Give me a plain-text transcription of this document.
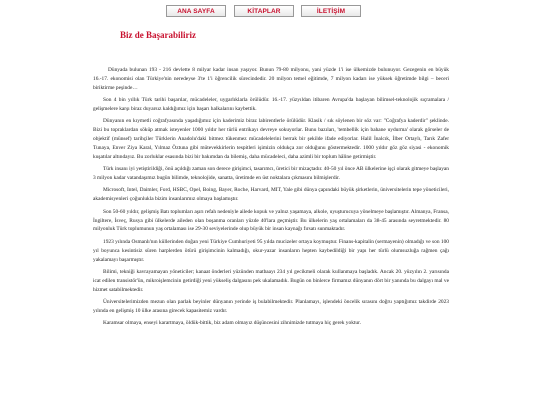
ANA SAYFA	KİTAPLAR	İLETİŞİM
Biz de Başarabiliriz

Dünyada bulunan 193 - 216 devlette 8 milyar kadar insan yaşıyor. Bunun 79-80 milyonu, yani yüzde 1'i ise ülkemizde bulunuyor. Gezegenin en büyük 16.-17. ekonomisi olan Türkiye'nin neredeyse 3'te 1'i öğrencilik sürecindedir. 20 milyon temel eğitimde, 7 milyon kadarı ise yüksek öğretimde bilgi – beceri biriktirme peşinde…

Son 4 bin yıllık Türk tarihi başarılar, mücadeleler, uygarlıklarla örülüdür. 16.-17. yüzyıldan itibaren Avrupa'da başlayan bilimsel-teknolojik sıçramalara / gelişmelere karşı biraz duyarsız kaldığımız için başarı halkalarını kaybettik.

Dünyanın en kıymetli coğrafyasında yaşadığımız için kaderimiz biraz labirentlerle örülüdür. Klasik / sık söylenen bir söz var: "Coğrafya kaderdir" şeklinde. Bizi bu topraklardan söküp atmak isteyenler 1000 yıldır her türlü entrikayı devreye sokuyorlar. Bunu bazıları, 'tembellik için bahane uydurma' olarak görseler de objektif (münsef) tarihçiler Türklerin Anadolu'daki bitmez tükenmez mücadelelerini berrak bir şekilde ifade ediyorlar. Halil İnalcık, İlber Ortaylı, Tarık Zafer Tunaya, Enver Ziya Karal, Yılmaz Öztuna gibi mütevekkirlerin tespitleri işimizin oldukça zor olduğunu göstermektedir. 1000 yıldır göz göz siyasi - ekonomik kuşatılar altındayız. Bu zorluklar esasında bizi bir bakımdan da bilemiş, daha mücadeleci, daha azimli bir toplum hâline getirmiştir.

Türk insanı iyi yetiştirildiği, önü açıldığı zaman son derece girişimci, tasarımcı, üretici bir mizaçtadır. 40-50 yıl önce AB ülkelerine işçi olarak gitmeye başlayan 3 milyon kadar vatandaşımız bugün bilimde, teknolojide, sanatta, üretimde en üst noktalara çıkmasını bilmişlerdir.

Microsoft, Intel, Daimler, Ford, HSBC, Opel, Boing, Bayer, Roche, Harvard, MIT, Yale gibi dünya çapındaki büyük şirketlerin, üniversitelerin tepe yöneticileri, akademisyenleri çoğunlukla bizim insanlarımız olmaya başlamıştır.

Son 50-60 yıldır, gelişmiş Batı toplumları aşırı refah nedeniyle ailede kopuk ve yalnız yaşamaya, alkole, uyuşturucuya yönelmeye başlamıştır. Almanya, Fransa, İngiltere, İsveç, Rusya gibi ülkelerde aileden olan boşanma oranları yüzde 40'lara geçmiştir. Bu ülkelerin yaş ortalamaları da 38-45 arasında seyretmektedir. 80 milyonluk Türk toplumunun yaş ortalaması ise 29-30 seviyelerinde olup büyük bir insan kaynağı fırsatı sunmaktadır.

1923 yılında Osmanlı'nın küllerinden doğan yeni Türkiye Cumhuriyeti 95 yılda mucizeler ortaya koymuştur. Finans-kapitalin (sermayenin) olmadığı ve son 100 yıl boyunca kesintisiz süren harplerden ötürü girişimcinin kalmadığı, okur-yazar insanların hepten kaybedildiği bir yapı her türlü olumsuzluğa rağmen çağı yakalamayı başarmıştır.

Bilimi, tekniği kavrayamayan yöneticiler; kanaat önderleri yüzünden matbaayı 234 yıl gecikmeli olarak kullanmaya başladık. Ancak 20. yüzyılın 2. yarısında icat edilen transistör'ün, mikroişlemcinin getirdiği yeni yükseliş dalgasını pek ukalamadık. Bugün on binlerce firmamız dünyanın dört bir yanında bu dalgayı mal ve hizmet satabilmektedir.

Üniversitelerimizden mezun olan parlak beyinler dünyanın yerinde iş bulabilmektedir. Planlamayı, işlendeki öncelik sırasını doğru yaptığımız takdirde 2023 yılında en gelişmiş 10 ülke arasına girecek kapasitemiz vardır.

Karamsar olmaya, enseyi karartmaya, öldük-bittik, biz adam olmayız düşüncesini zihnimizde tutmaya hiç gerek yoktur.
